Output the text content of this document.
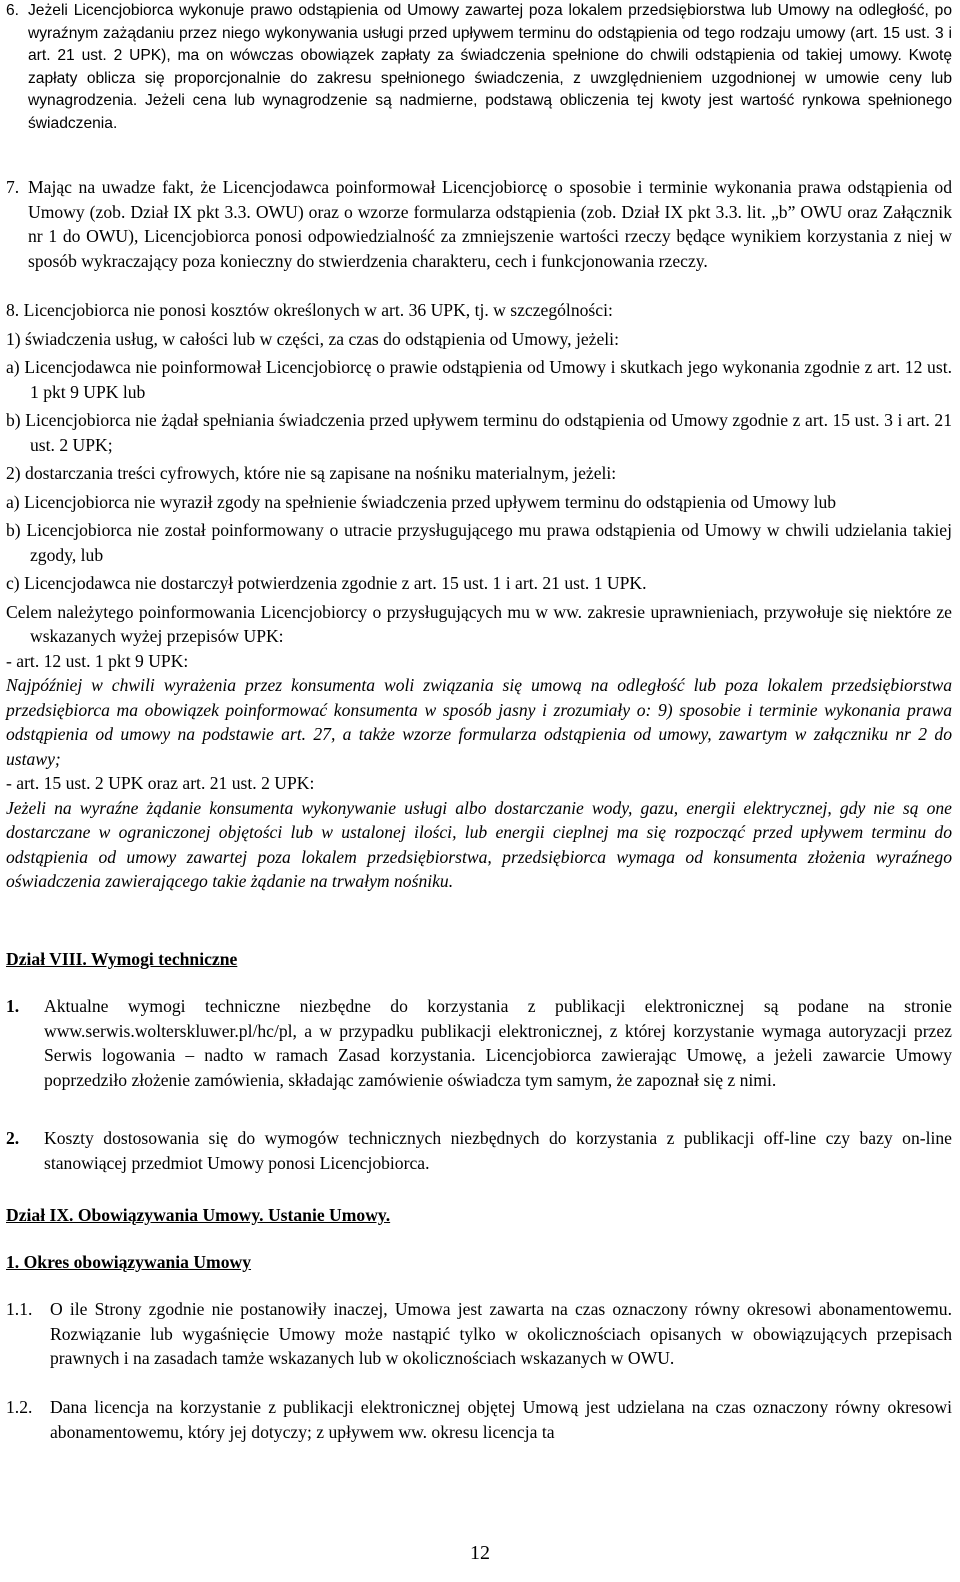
6. Jeżeli Licencjobiorca wykonuje prawo odstąpienia od Umowy zawartej poza lokalem przedsiębiorstwa lub Umowy na odległość, po wyraźnym zażądaniu przez niego wykonywania usługi przed upływem terminu do odstąpienia od tego rodzaju umowy (art. 15 ust. 3 i art. 21 ust. 2 UPK), ma on wówczas obowiązek zapłaty za świadczenia spełnione do chwili odstąpienia od takiej umowy. Kwotę zapłaty oblicza się proporcjonalnie do zakresu spełnionego świadczenia, z uwzględnieniem uzgodnionej w umowie ceny lub wynagrodzenia. Jeżeli cena lub wynagrodzenie są nadmierne, podstawą obliczenia tej kwoty jest wartość rynkowa spełnionego świadczenia.

7. Mając na uwadze fakt, że Licencjodawca poinformował Licencjobiorcę o sposobie i terminie wykonania prawa odstąpienia od Umowy (zob. Dział IX pkt 3.3. OWU) oraz o wzorze formularza odstąpienia (zob. Dział IX pkt 3.3. lit. „b” OWU oraz Załącznik nr 1 do OWU), Licencjobiorca ponosi odpowiedzialność za zmniejszenie wartości rzeczy będące wynikiem korzystania z niej w sposób wykraczający poza konieczny do stwierdzenia charakteru, cech i funkcjonowania rzeczy.

8. Licencjobiorca nie ponosi kosztów określonych w art. 36 UPK, tj. w szczególności:

1) świadczenia usług, w całości lub w części, za czas do odstąpienia od Umowy, jeżeli:

a) Licencjodawca nie poinformował Licencjobiorcę o prawie odstąpienia od Umowy i skutkach jego wykonania zgodnie z art. 12 ust. 1 pkt 9 UPK lub

b) Licencjobiorca nie żądał spełniania świadczenia przed upływem terminu do odstąpienia od Umowy zgodnie z art. 15 ust. 3 i art. 21 ust. 2 UPK;

2) dostarczania treści cyfrowych, które nie są zapisane na nośniku materialnym, jeżeli:

a) Licencjobiorca nie wyraził zgody na spełnienie świadczenia przed upływem terminu do odstąpienia od Umowy lub

b) Licencjobiorca nie został poinformowany o utracie przysługującego mu prawa odstąpienia od Umowy w chwili udzielania takiej zgody, lub

c) Licencjodawca nie dostarczył potwierdzenia zgodnie z art. 15 ust. 1 i art. 21 ust. 1 UPK.

Celem należytego poinformowania Licencjobiorcy o przysługujących mu w ww. zakresie uprawnieniach, przywołuje się niektóre ze wskazanych wyżej przepisów UPK:

- art. 12 ust. 1 pkt 9 UPK:

Najpóźniej w chwili wyrażenia przez konsumenta woli związania się umową na odległość lub poza lokalem przedsiębiorstwa przedsiębiorca ma obowiązek poinformować konsumenta w sposób jasny i zrozumiały o: 9) sposobie i terminie wykonania prawa odstąpienia od umowy na podstawie art. 27, a także wzorze formularza odstąpienia od umowy, zawartym w załączniku nr 2 do ustawy;

- art. 15 ust. 2 UPK oraz art. 21 ust. 2 UPK:

Jeżeli na wyraźne żądanie konsumenta wykonywanie usługi albo dostarczanie wody, gazu, energii elektrycznej, gdy nie są one dostarczane w ograniczonej objętości lub w ustalonej ilości, lub energii cieplnej ma się rozpocząć przed upływem terminu do odstąpienia od umowy zawartej poza lokalem przedsiębiorstwa, przedsiębiorca wymaga od konsumenta złożenia wyraźnego oświadczenia zawierającego takie żądanie na trwałym nośniku.

Dział VIII. Wymogi techniczne
1.	Aktualne wymogi techniczne niezbędne do korzystania z publikacji elektronicznej są podane na stronie www.serwis.wolterskluwer.pl/hc/pl, a w przypadku publikacji elektronicznej, z której korzystanie wymaga autoryzacji przez Serwis logowania – nadto w ramach Zasad korzystania. Licencjobiorca zawierając Umowę, a jeżeli zawarcie Umowy poprzedziło złożenie zamówienia, składając zamówienie oświadcza tym samym, że zapoznał się z nimi.

2.	Koszty dostosowania się do wymogów technicznych niezbędnych do korzystania z publikacji off-line czy bazy on-line stanowiącej przedmiot Umowy ponosi Licencjobiorca.

Dział IX. Obowiązywania Umowy. Ustanie Umowy.
1. Okres obowiązywania Umowy
1.1.	O ile Strony zgodnie nie postanowiły inaczej, Umowa jest zawarta na czas oznaczony równy okresowi abonamentowemu. Rozwiązanie lub wygaśnięcie Umowy może nastąpić tylko w okolicznościach opisanych w obowiązujących przepisach prawnych i na zasadach tamże wskazanych lub w okolicznościach wskazanych w OWU.

1.2.	Dana licencja na korzystanie z publikacji elektronicznej objętej Umową jest udzielana na czas oznaczony równy okresowi abonamentowemu, który jej dotyczy; z upływem ww. okresu licencja ta

12
